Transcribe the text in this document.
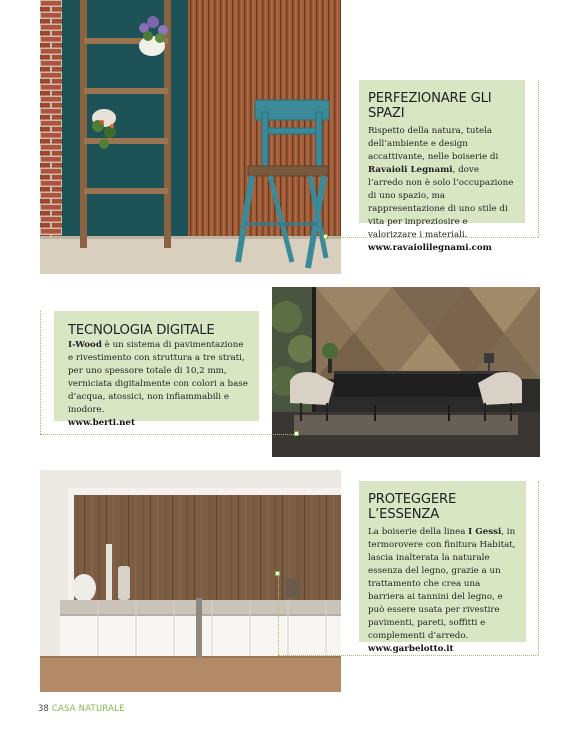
PERFEZIONARE GLI SPAZI

Rispetto della natura, tutela dell’ambiente e design accattivante, nelle boiserie di Ravaioli Legnami, dove l’arredo non è solo l’occupazione di uno spazio, ma rappresentazione di uno stile di vita per impreziosire e valorizzare i materiali.

www.ravaiolilegnami.com
TECNOLOGIA DIGITALE

I-Wood è un sistema di pavimentazione e rivestimento con struttura a tre strati, per uno spessore totale di 10,2 mm, verniciata digitalmente con colori a base d’acqua, atossici, non infiammabili e inodore.

www.berti.net
PROTEGGERE L’ESSENZA

La boiserie della linea I Gessi, in termorovere con finitura Habitat, lascia inalterata la naturale essenza del legno, grazie a un trattamento che crea una barriera ai tannini del legno, e può essere usata per rivestire pavimenti, pareti, soffitti e complementi d’arredo.

www.garbelotto.it
38 CASA NATURALE
